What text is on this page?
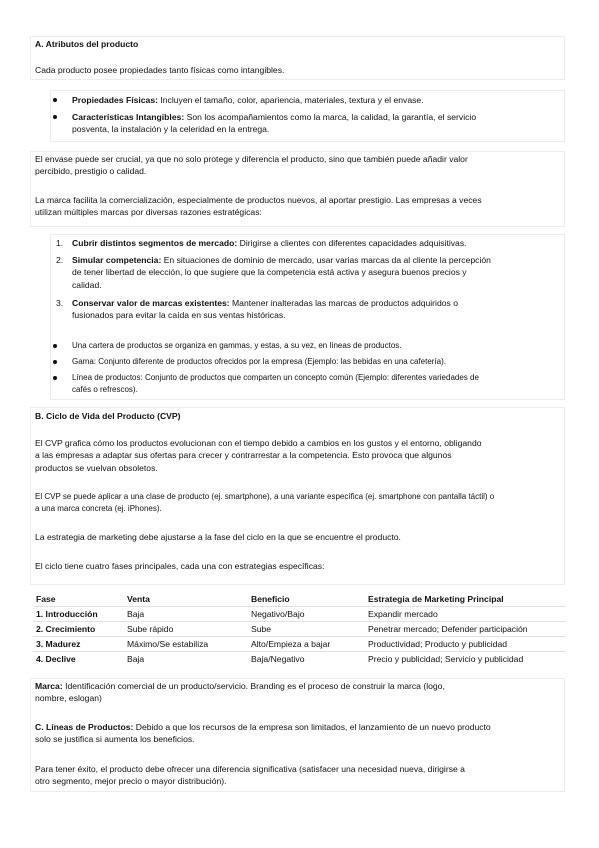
A. Atributos del producto
Cada producto posee propiedades tanto físicas como intangibles.
Propiedades Físicas: Incluyen el tamaño, color, apariencia, materiales, textura y el envase.
Características Intangibles: Son los acompañamientos como la marca, la calidad, la garantía, el servicio
posventa, la instalación y la celeridad en la entrega.
El envase puede ser crucial, ya que no solo protege y diferencia el producto, sino que también puede añadir valor
percibido, prestigio o calidad.
La marca facilita la comercialización, especialmente de productos nuevos, al aportar prestigio. Las empresas a veces
utilizan múltiples marcas por diversas razones estratégicas:
1. Cubrir distintos segmentos de mercado: Dirigirse a clientes con diferentes capacidades adquisitivas.
2. Simular competencia: En situaciones de dominio de mercado, usar varias marcas da al cliente la percepción
de tener libertad de elección, lo que sugiere que la competencia está activa y asegura buenos precios y
calidad.
3. Conservar valor de marcas existentes: Mantener inalteradas las marcas de productos adquiridos o
fusionados para evitar la caída en sus ventas históricas.
Una cartera de productos se organiza en gammas, y estas, a su vez, en líneas de productos.
Gama: Conjunto diferente de productos ofrecidos por la empresa (Ejemplo: las bebidas en una cafetería).
Línea de productos: Conjunto de productos que comparten un concepto común (Ejemplo: diferentes variedades de
cafés o refrescos).
B. Ciclo de Vida del Producto (CVP)
El CVP grafica cómo los productos evolucionan con el tiempo debido a cambios en los gustos y el entorno, obligando
a las empresas a adaptar sus ofertas para crecer y contrarrestar a la competencia. Esto provoca que algunos
productos se vuelvan obsoletos.
El CVP se puede aplicar a una clase de producto (ej. smartphone), a una variante específica (ej. smartphone con pantalla táctil) o
a una marca concreta (ej. iPhones).
La estrategia de marketing debe ajustarse a la fase del ciclo en la que se encuentre el producto.
El ciclo tiene cuatro fases principales, cada una con estrategias específicas:
Fase	Venta	Beneficio	Estrategia de Marketing Principal
1. Introducción	Baja	Negativo/Bajo	Expandir mercado
2. Crecimiento	Sube rápido	Sube	Penetrar mercado; Defender participación
3. Madurez	Máximo/Se estabiliza	Alto/Empieza a bajar	Productividad; Producto y publicidad
4. Declive	Baja	Baja/Negativo	Precio y publicidad; Servicio y publicidad
Marca: Identificación comercial de un producto/servicio. Branding es el proceso de construir la marca (logo,
nombre, eslogan)
C. Líneas de Productos: Debido a que los recursos de la empresa son limitados, el lanzamiento de un nuevo producto
solo se justifica si aumenta los beneficios.
Para tener éxito, el producto debe ofrecer una diferencia significativa (satisfacer una necesidad nueva, dirigirse a
otro segmento, mejor precio o mayor distribución).
